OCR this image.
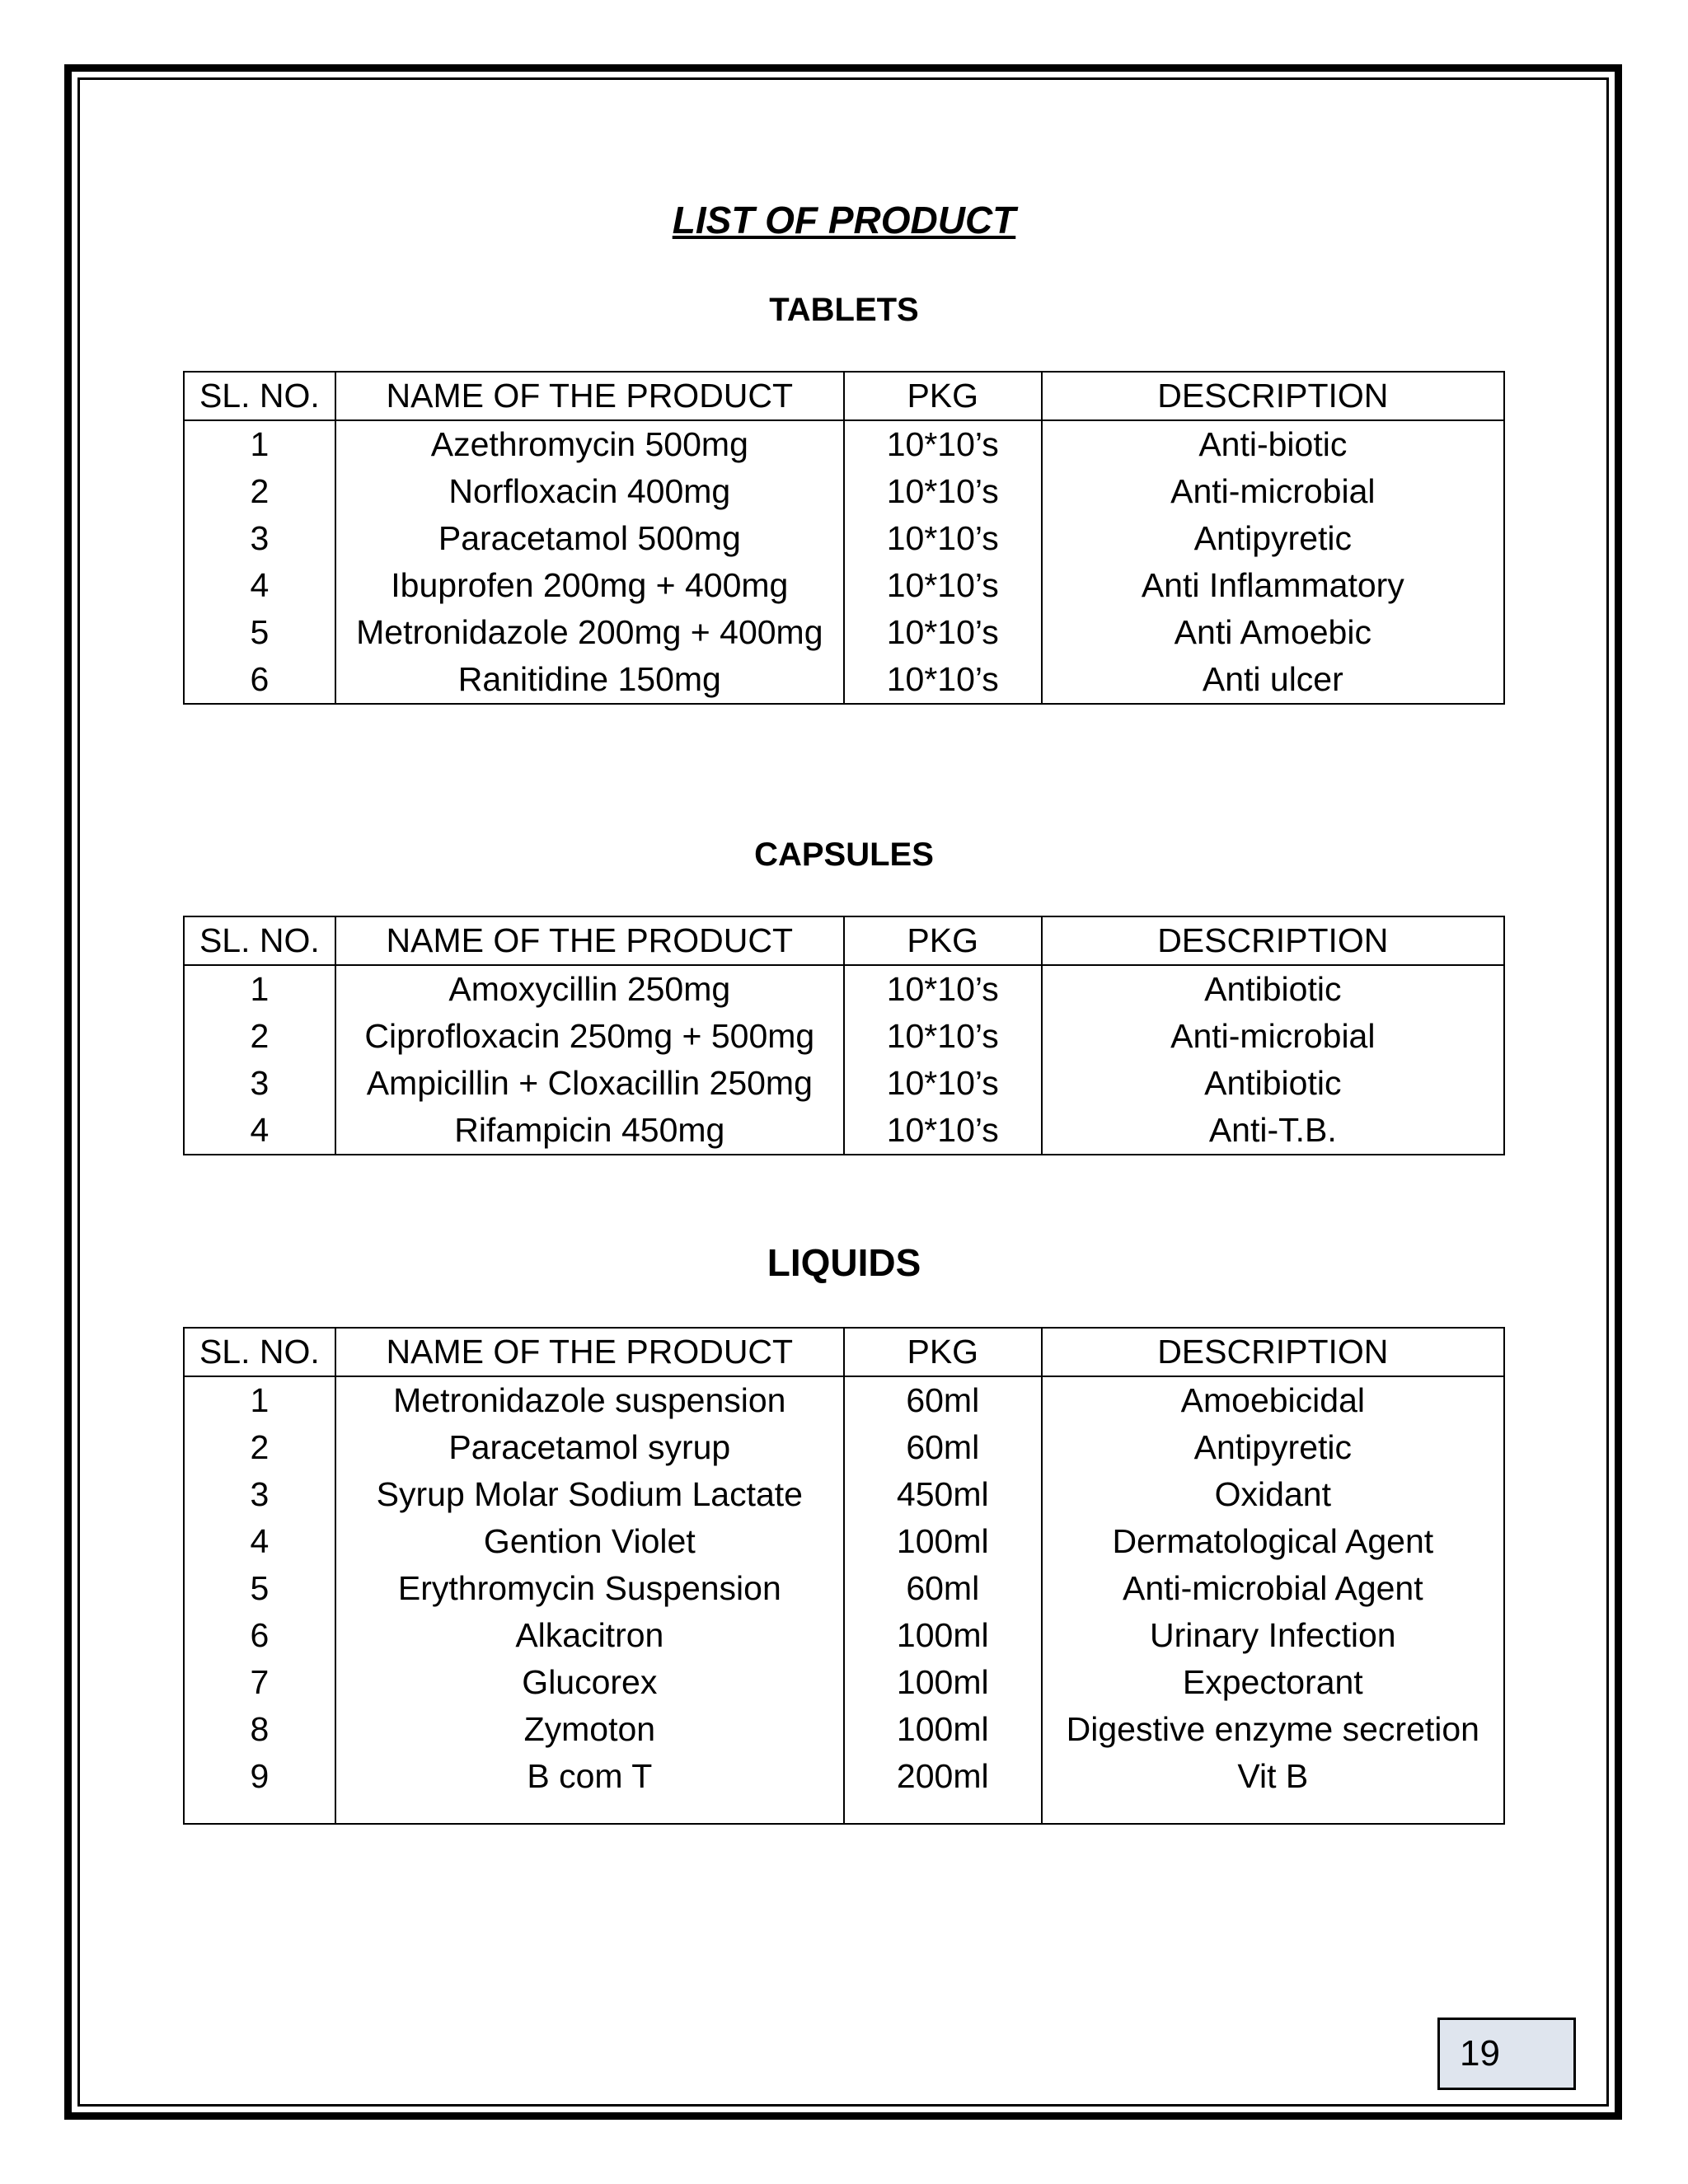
LIST OF PRODUCT
TABLETS
SL. NO.	NAME OF THE PRODUCT	PKG	DESCRIPTION
1	Azethromycin 500mg	10*10’s	Anti-biotic
2	Norfloxacin 400mg	10*10’s	Anti-microbial
3	Paracetamol 500mg	10*10’s	Antipyretic
4	Ibuprofen 200mg + 400mg	10*10’s	Anti Inflammatory
5	Metronidazole 200mg + 400mg	10*10’s	Anti Amoebic
6	Ranitidine 150mg	10*10’s	Anti ulcer
CAPSULES
SL. NO.	NAME OF THE PRODUCT	PKG	DESCRIPTION
1	Amoxycillin 250mg	10*10’s	Antibiotic
2	Ciprofloxacin 250mg + 500mg	10*10’s	Anti-microbial
3	Ampicillin + Cloxacillin 250mg	10*10’s	Antibiotic
4	Rifampicin 450mg	10*10’s	Anti-T.B.
LIQUIDS
SL. NO.	NAME OF THE PRODUCT	PKG	DESCRIPTION
1	Metronidazole suspension	60ml	Amoebicidal
2	Paracetamol syrup	60ml	Antipyretic
3	Syrup Molar Sodium Lactate	450ml	Oxidant
4	Gention Violet	100ml	Dermatological Agent
5	Erythromycin Suspension	60ml	Anti-microbial Agent
6	Alkacitron	100ml	Urinary Infection
7	Glucorex	100ml	Expectorant
8	Zymoton	100ml	Digestive enzyme secretion
9	B com T	200ml	Vit B

19
